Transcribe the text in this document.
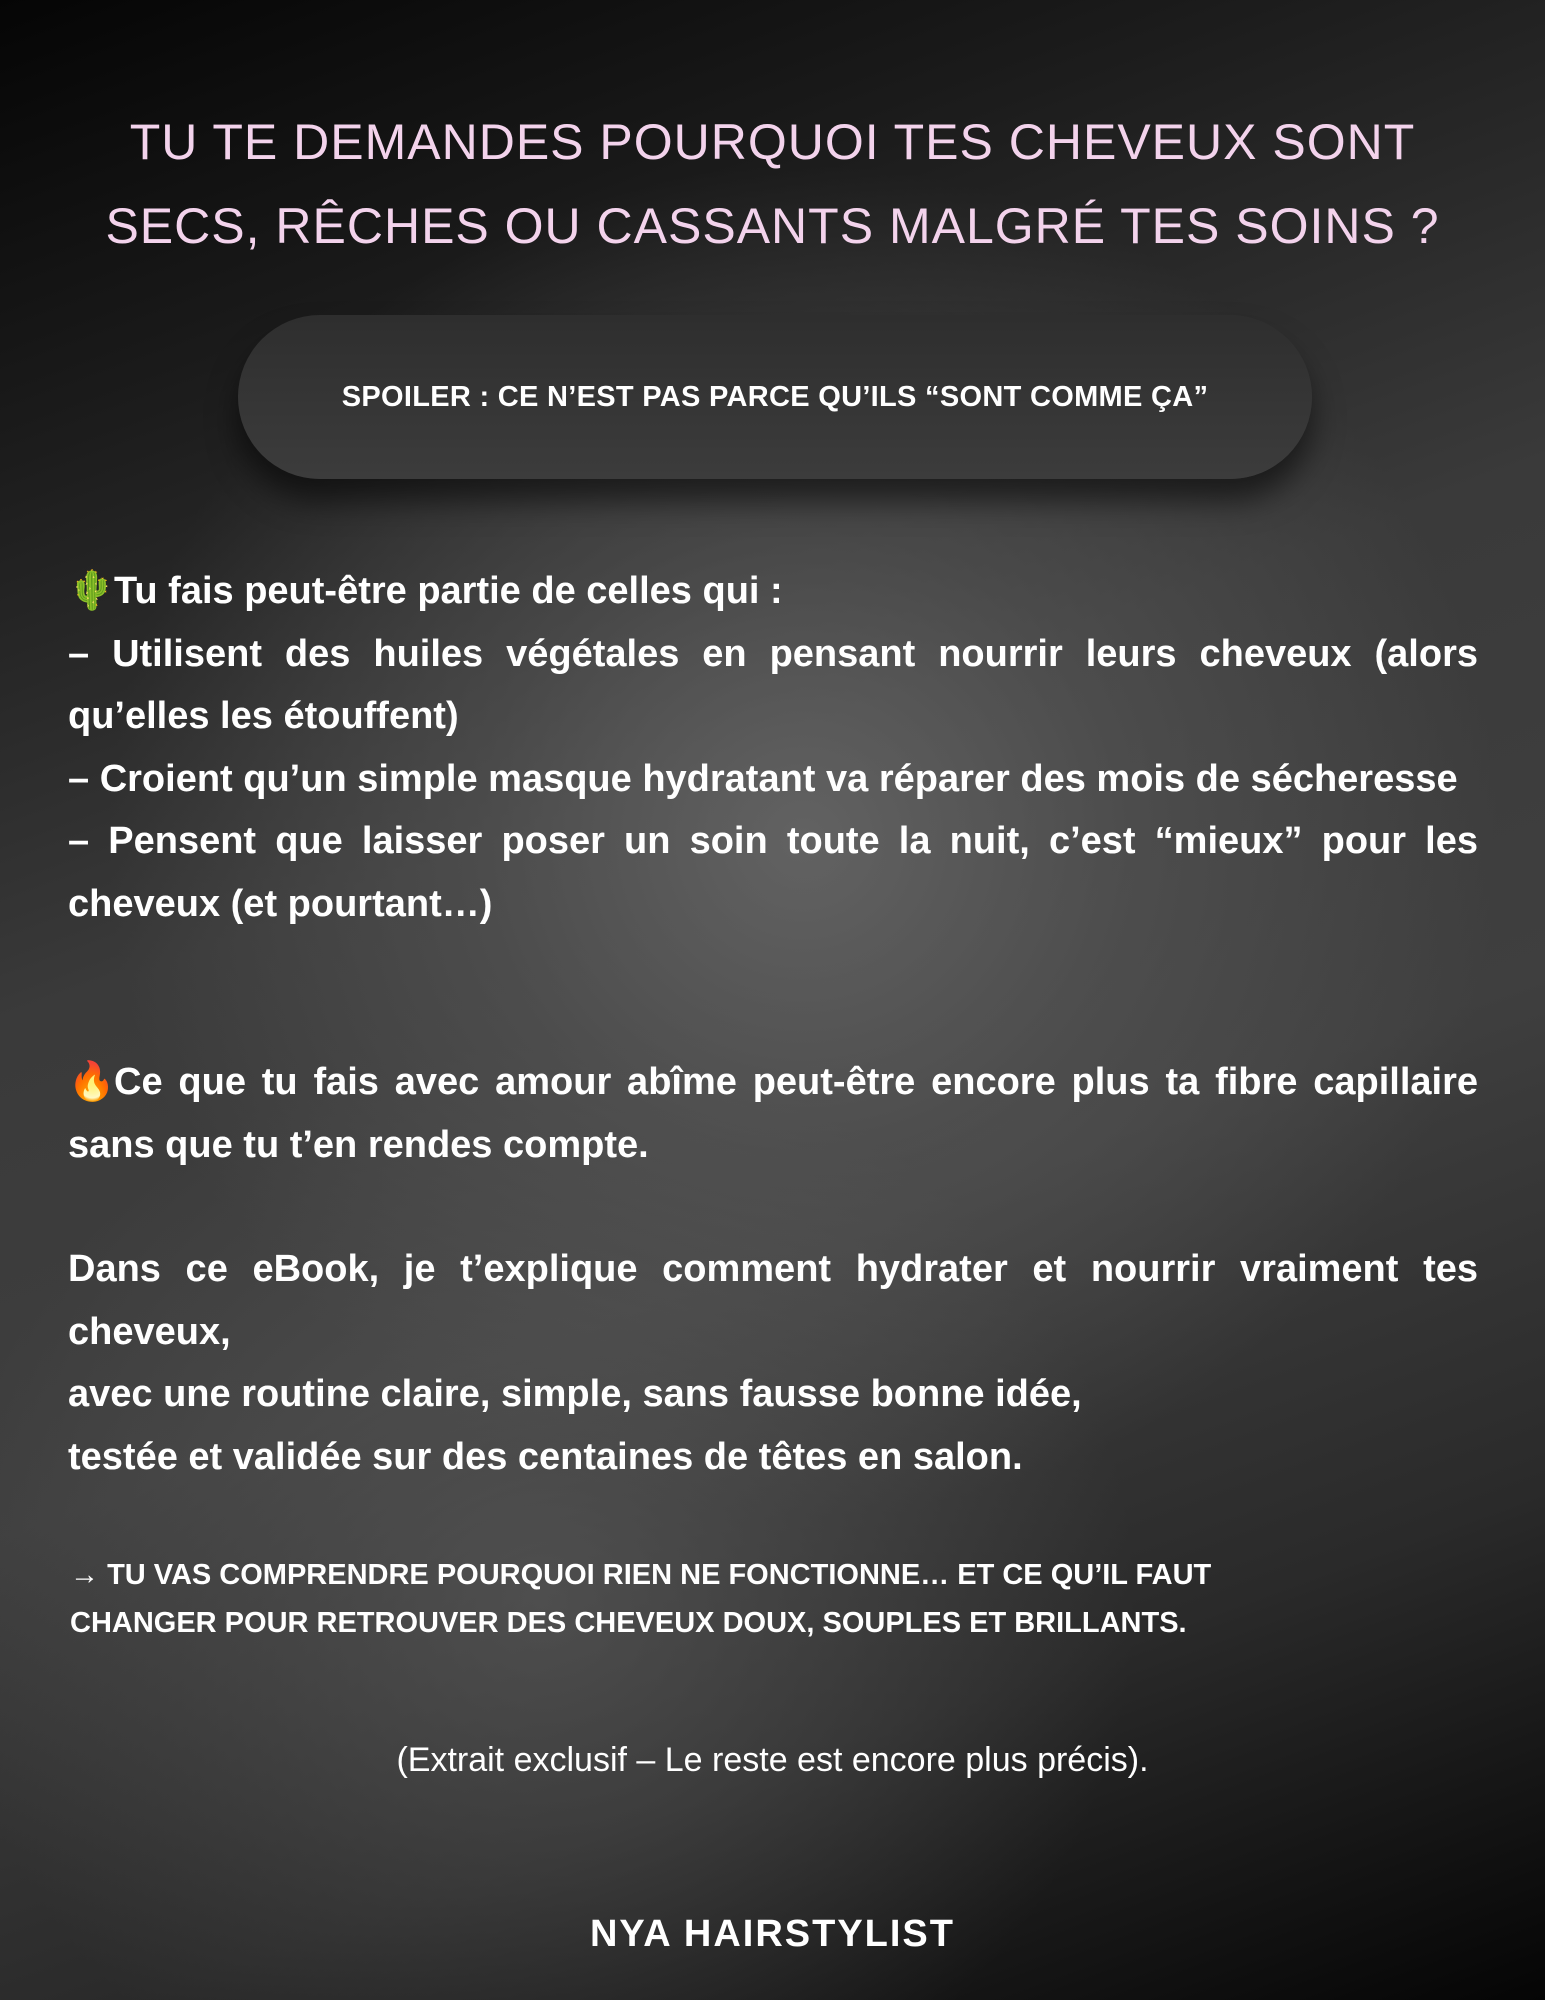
TU TE DEMANDES POURQUOI TES CHEVEUX SONT
SECS, RÊCHES OU CASSANTS MALGRÉ TES SOINS ?
SPOILER : CE N’EST PAS PARCE QU’ILS “SONT COMME ÇA”

🌵Tu fais peut-être partie de celles qui :

– Utilisent des huiles végétales en pensant nourrir leurs cheveux (alors qu’elles les étouffent)

– Croient qu’un simple masque hydratant va réparer des mois de sécheresse

– Pensent que laisser poser un soin toute la nuit, c’est “mieux” pour les cheveux (et pourtant…)

🔥Ce que tu fais avec amour abîme peut-être encore plus ta fibre capillaire sans que tu t’en rendes compte.

Dans ce eBook, je t’explique comment hydrater et nourrir vraiment tes cheveux,

avec une routine claire, simple, sans fausse bonne idée,

testée et validée sur des centaines de têtes en salon.

→ TU VAS COMPRENDRE POURQUOI RIEN NE FONCTIONNE… ET CE QU’IL FAUT
CHANGER POUR RETROUVER DES CHEVEUX DOUX, SOUPLES ET BRILLANTS.

(Extrait exclusif – Le reste est encore plus précis).

NYA HAIRSTYLIST
